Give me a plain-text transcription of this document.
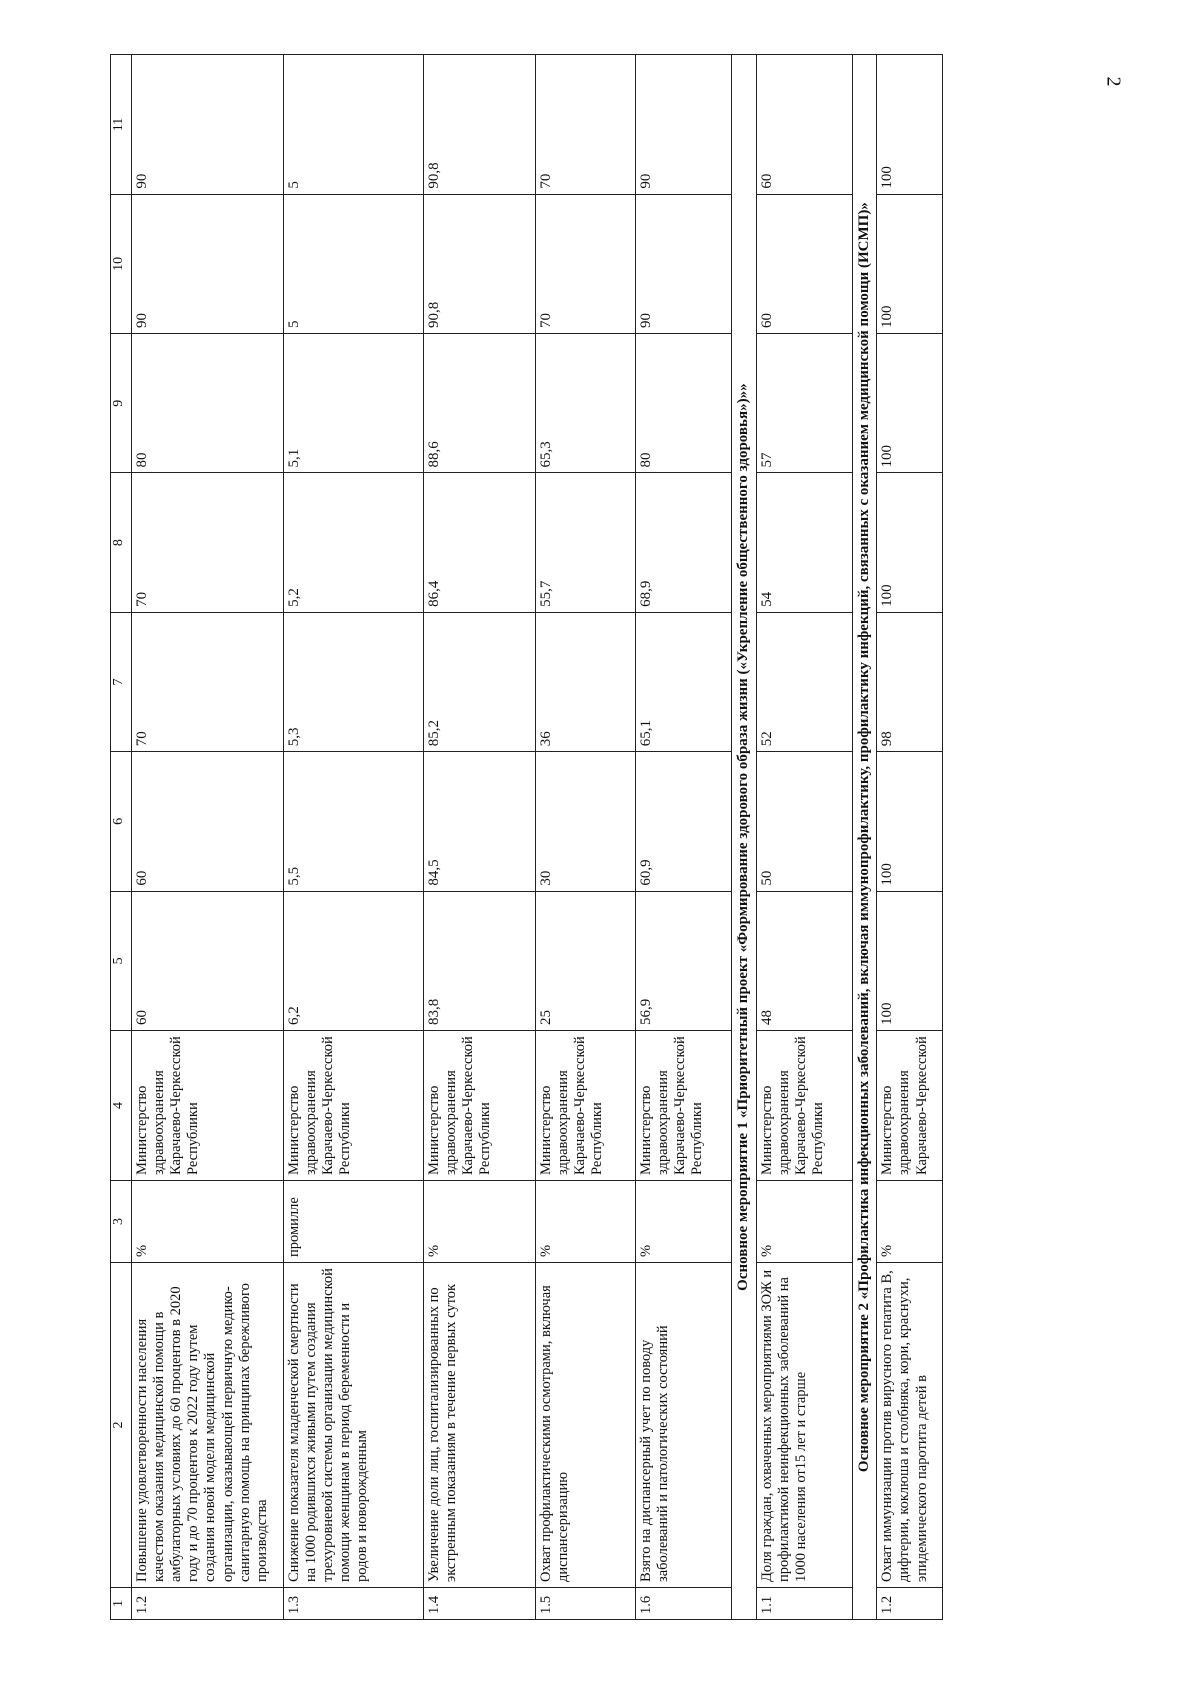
2
1	2	3	4	5	6	7	8	9	10	11
1.2	Повышение удовлетворенности населения качеством оказания медицинской помощи в амбулаторных условиях до 60 процентов в 2020 году и до 70 процентов к 2022 году путем создания новой модели медицинской организации, оказывающей первичную медико-санитарную помощь на принципах бережливого производства	%	Министерство здравоохранения Карачаево-Черкесской Республики	60	60	70	70	80	90	90
1.3	Снижение показателя младенческой смертности на 1000 родившихся живыми путем создания трехуровневой системы организации медицинской помощи женщинам в период беременности и родов и новорожденным	промилле	Министерство здравоохранения Карачаево-Черкесской Республики	6,2	5,5	5,3	5,2	5,1	5	5
1.4	Увеличение доли лиц, госпитализированных по экстренным показаниям в течение первых суток	%	Министерство здравоохранения Карачаево-Черкесской Республики	83,8	84,5	85,2	86,4	88,6	90,8	90,8
1.5	Охват профилактическими осмотрами, включая диспансеризацию	%	Министерство здравоохранения Карачаево-Черкесской Республики	25	30	36	55,7	65,3	70	70
1.6	Взято на диспансерный учет по поводу заболеваний и патологических состояний	%	Министерство здравоохранения Карачаево-Черкесской Республики	56,9	60,9	65,1	68,9	80	90	90
Основное мероприятие 1 «Приоритетный проект «Формирование здорового образа жизни («Укрепление общественного здоровья»)»»										
1.1	Доля граждан, охваченных мероприятиями ЗОЖ и профилактикой неинфекционных заболеваний на 1000 населения от15 лет и старше	%	Министерство здравоохранения Карачаево-Черкесской Республики	48	50	52	54	57	60	60
Основное мероприятие 2 «Профилактика инфекционных заболеваний, включая иммунопрофилактику, профилактику инфекций, связанных с оказанием медицинской помощи (ИСМП)»										
1.2	Охват иммунизации против вирусного гепатита В, дифтерии, коклюша и столбняка, кори, краснухи, эпидемического паротита детей в	%	Министерство здравоохранения Карачаево-Черкесской	100	100	98	100	100	100	100
